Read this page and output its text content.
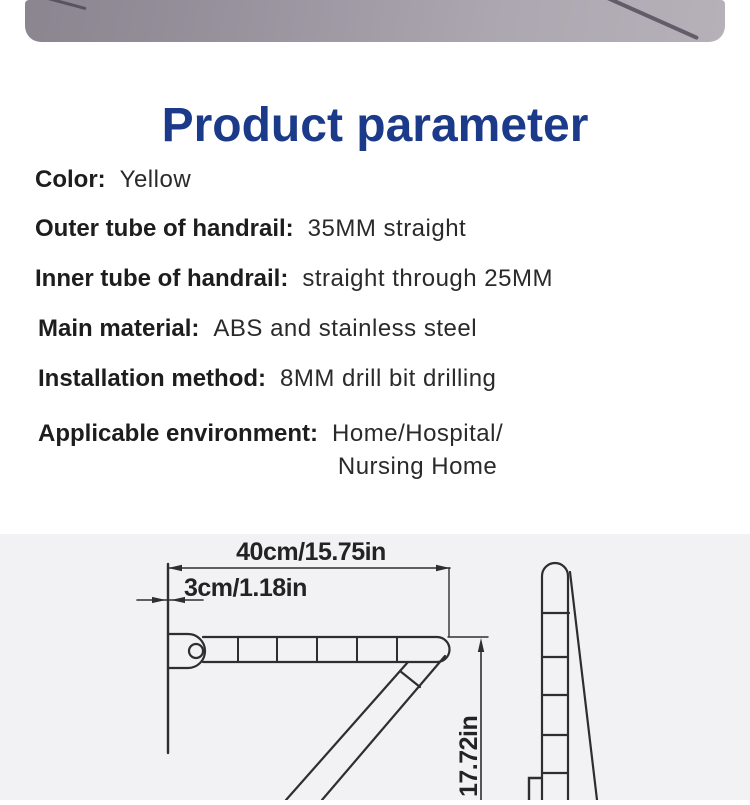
Product parameter
Color: Yellow
Outer tube of handrail: 35MM straight
Inner tube of handrail: straight through 25MM
Main material: ABS and stainless steel
Installation method: 8MM drill bit drilling
Applicable environment: Home/Hospital/
Nursing Home
40cm/15.75in
3cm/1.18in
17.72in
